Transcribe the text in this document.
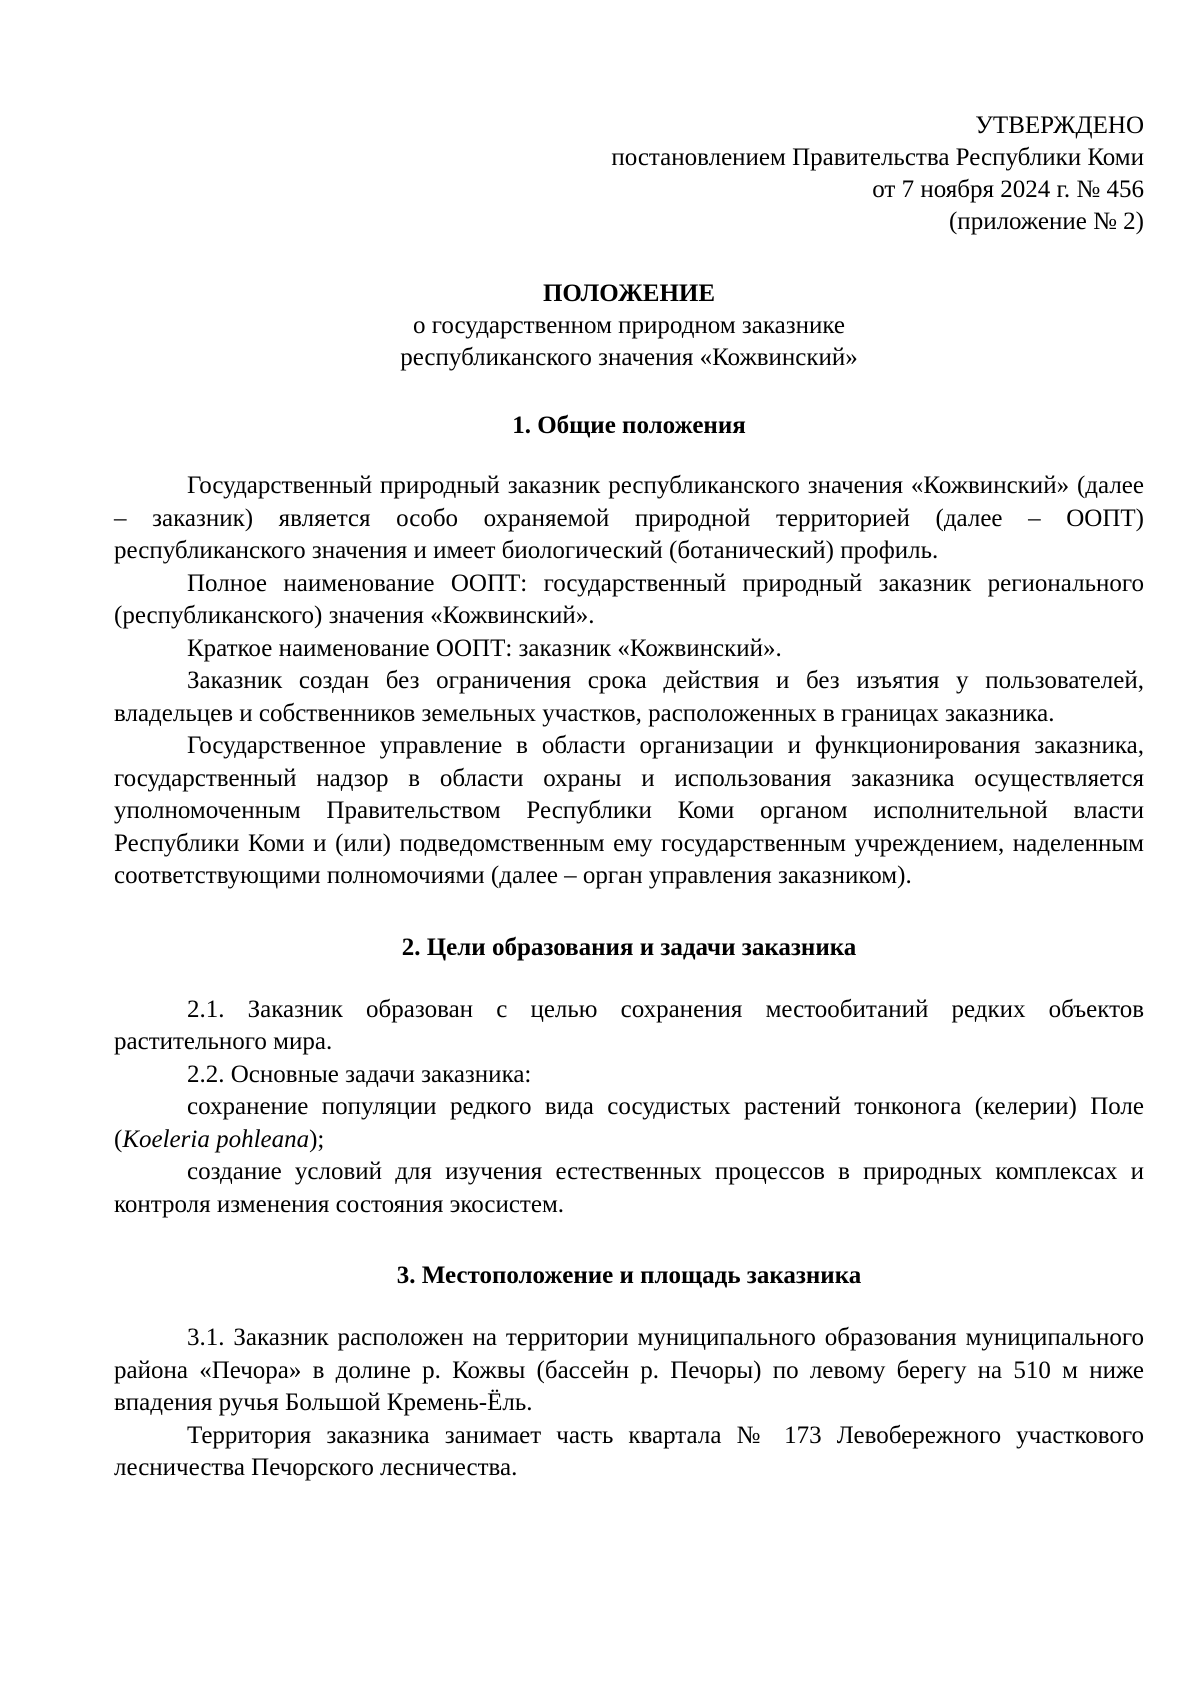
УТВЕРЖДЕНО
постановлением Правительства Республики Коми
от 7 ноября 2024 г. № 456
(приложение № 2)
ПОЛОЖЕНИЕ
о государственном природном заказнике
республиканского значения «Кожвинский»
1. Общие положения

Государственный природный заказник республиканского значения «Кожвинский» (далее – заказник) является особо охраняемой природной территорией (далее – ООПТ) республиканского значения и имеет биологический (ботанический) профиль.

Полное наименование ООПТ: государственный природный заказник регионального (республиканского) значения «Кожвинский».

Краткое наименование ООПТ: заказник «Кожвинский».

Заказник создан без ограничения срока действия и без изъятия у пользователей, владельцев и собственников земельных участков, расположенных в границах заказника.

Государственное управление в области организации и функционирования заказника, государственный надзор в области охраны и использования заказника осуществляется уполномоченным Правительством Республики Коми органом исполнительной власти Республики Коми и (или) подведомственным ему государственным учреждением, наделенным соответствующими полномочиями (далее – орган управления заказником).

2. Цели образования и задачи заказника

2.1. Заказник образован с целью сохранения местообитаний редких объектов растительного мира.

2.2. Основные задачи заказника:

сохранение популяции редкого вида сосудистых растений тонконога (келерии) Поле (Koeleria pohleana);

создание условий для изучения естественных процессов в природных комплексах и контроля изменения состояния экосистем.

3. Местоположение и площадь заказника

3.1. Заказник расположен на территории муниципального образования муниципального района «Печора» в долине р. Кожвы (бассейн р. Печоры) по левому берегу на 510 м ниже впадения ручья Большой Кремень-Ёль.

Территория заказника занимает часть квартала № 173 Левобережного участкового лесничества Печорского лесничества.
